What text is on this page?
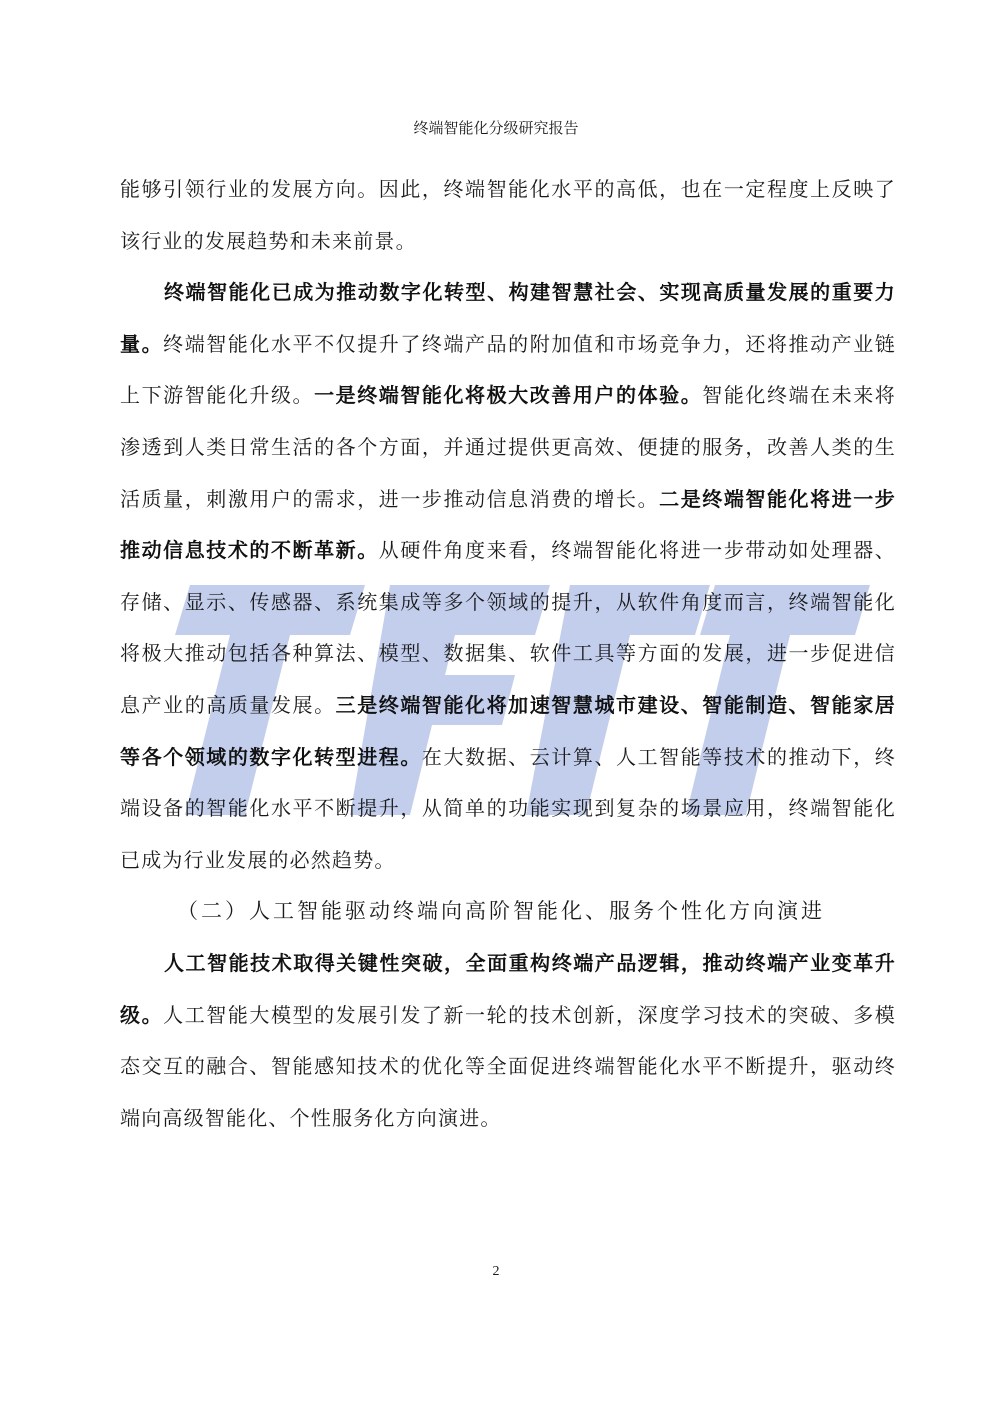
终端智能化分级研究报告

能够引领行业的发展方向。因此，终端智能化水平的高低，也在一定程度上反映了该行业的发展趋势和未来前景。

终端智能化已成为推动数字化转型、构建智慧社会、实现高质量发展的重要力量。终端智能化水平不仅提升了终端产品的附加值和市场竞争力，还将推动产业链上下游智能化升级。一是终端智能化将极大改善用户的体验。智能化终端在未来将渗透到人类日常生活的各个方面，并通过提供更高效、便捷的服务，改善人类的生活质量，刺激用户的需求，进一步推动信息消费的增长。二是终端智能化将进一步推动信息技术的不断革新。从硬件角度来看，终端智能化将进一步带动如处理器、存储、显示、传感器、系统集成等多个领域的提升，从软件角度而言，终端智能化将极大推动包括各种算法、模型、数据集、软件工具等方面的发展，进一步促进信息产业的高质量发展。三是终端智能化将加速智慧城市建设、智能制造、智能家居等各个领域的数字化转型进程。在大数据、云计算、人工智能等技术的推动下，终端设备的智能化水平不断提升，从简单的功能实现到复杂的场景应用，终端智能化已成为行业发展的必然趋势。

（二）人工智能驱动终端向高阶智能化、服务个性化方向演进

人工智能技术取得关键性突破，全面重构终端产品逻辑，推动终端产业变革升级。人工智能大模型的发展引发了新一轮的技术创新，深度学习技术的突破、多模态交互的融合、智能感知技术的优化等全面促进终端智能化水平不断提升，驱动终端向高级智能化、个性服务化方向演进。

2
